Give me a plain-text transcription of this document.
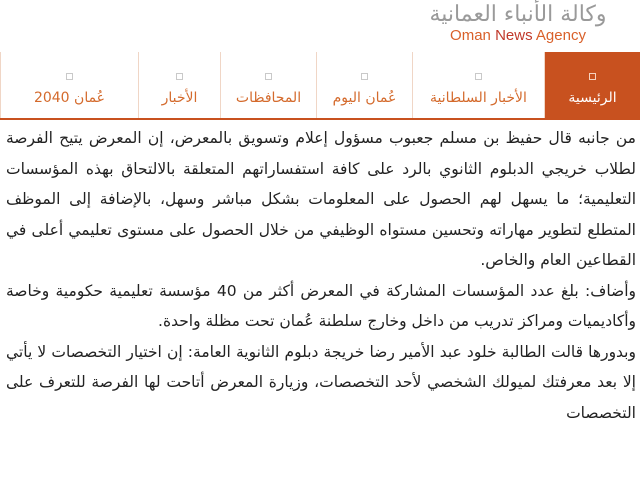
وكالة الأنباء العمانية
Oman News Agency
الرئيسية
الأخبار السلطانية
عُمان اليوم
المحافظات
الأخبار
عُمان 2040

من جانبه قال حفيظ بن مسلم جعبوب مسؤول إعلام وتسويق بالمعرض، إن المعرض يتيح الفرصة لطلاب خريجي الدبلوم الثانوي بالرد على كافة استفساراتهم المتعلقة بالالتحاق بهذه المؤسسات التعليمية؛ ما يسهل لهم الحصول على المعلومات بشكل مباشر وسهل، بالإضافة إلى الموظف المتطلع لتطوير مهاراته وتحسين مستواه الوظيفي من خلال الحصول على مستوى تعليمي أعلى في القطاعين العام والخاص.

وأضاف: بلغ عدد المؤسسات المشاركة في المعرض أكثر من 40 مؤسسة تعليمية حكومية وخاصة وأكاديميات ومراكز تدريب من داخل وخارج سلطنة عُمان تحت مظلة واحدة.

وبدورها قالت الطالبة خلود عبد الأمير رضا خريجة دبلوم الثانوية العامة: إن اختيار التخصصات لا يأتي إلا بعد معرفتك لميولك الشخصي لأحد التخصصات، وزيارة المعرض أتاحت لها الفرصة للتعرف على التخصصات
